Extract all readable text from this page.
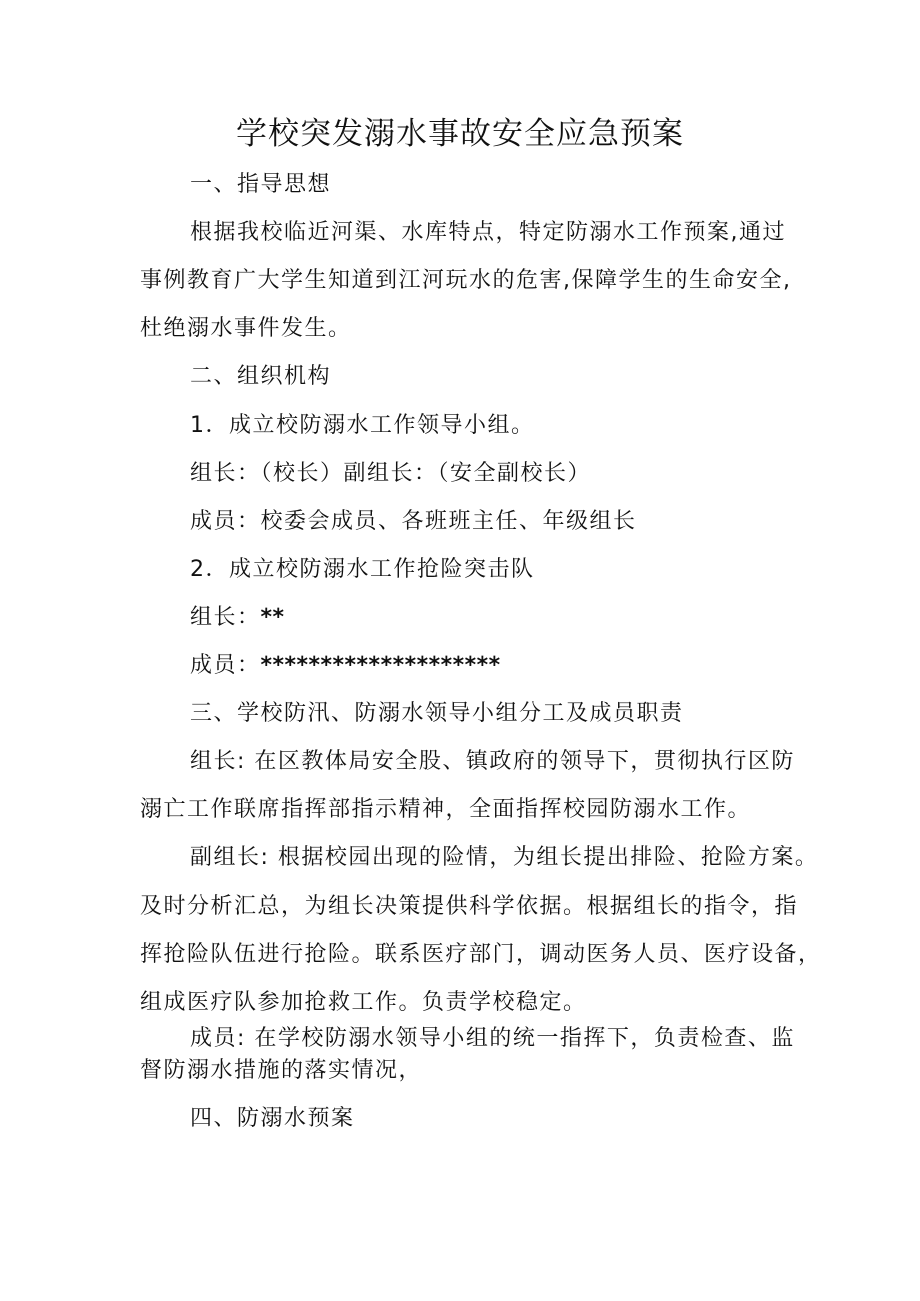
学校突发溺水事故安全应急预案
一、指导思想
根据我校临近河渠、水库特点，特定防溺水工作预案,通过
事例教育广大学生知道到江河玩水的危害,保障学生的生命安全,
杜绝溺水事件发生。
二、组织机构
1．成立校防溺水工作领导小组。
组长：（校长）副组长：（安全副校长）
成员：校委会成员、各班班主任、年级组长
2．成立校防溺水工作抢险突击队
组长：**
成员：********************
三、学校防汛、防溺水领导小组分工及成员职责
组长: 在区教体局安全股、镇政府的领导下，贯彻执行区防
溺亡工作联席指挥部指示精神，全面指挥校园防溺水工作。
副组长: 根据校园出现的险情，为组长提出排险、抢险方案。
及时分析汇总，为组长决策提供科学依据。根据组长的指令，指
挥抢险队伍进行抢险。联系医疗部门，调动医务人员、医疗设备，
组成医疗队参加抢救工作。负责学校稳定。
成员: 在学校防溺水领导小组的统一指挥下，负责检查、监
督防溺水措施的落实情况，
四、防溺水预案
